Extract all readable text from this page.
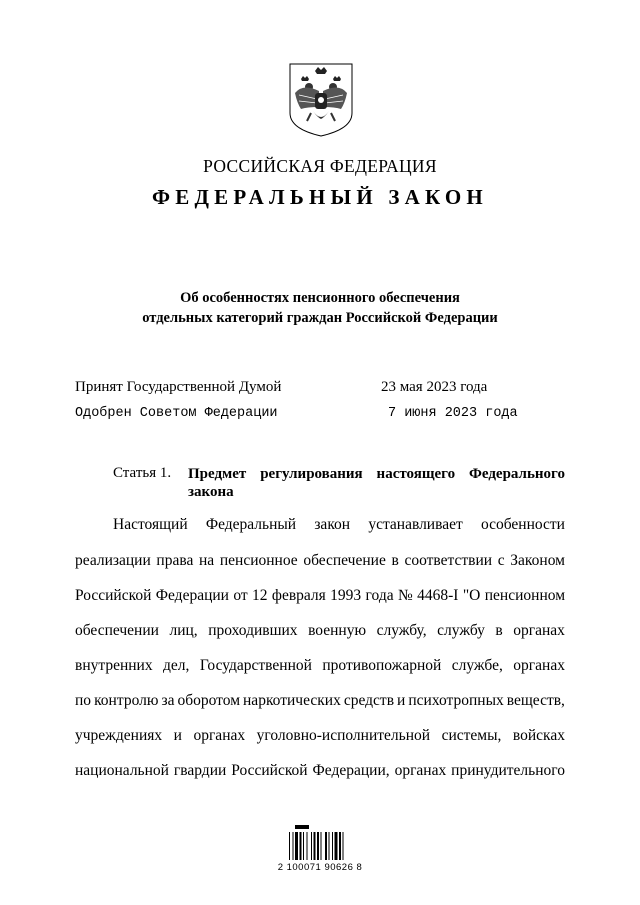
РОССИЙСКАЯ ФЕДЕРАЦИЯ
ФЕДЕРАЛЬНЫЙ ЗАКОН
Об особенностях пенсионного обеспечения
отдельных категорий граждан Российской Федерации
Принят Государственной Думой	23 мая 2023 года
Одобрен Советом Федерации	7 июня 2023 года
Статья 1. Предмет регулирования настоящего Федерального закона
Настоящий Федеральный закон устанавливает особенности
реализации права на пенсионное обеспечение в соответствии с Законом
Российской Федерации от 12 февраля 1993 года № 4468-I "О пенсионном
обеспечении лиц, проходивших военную службу, службу в органах
внутренних дел, Государственной противопожарной службе, органах
по контролю за оборотом наркотических средств и психотропных веществ,
учреждениях и органах уголовно-исполнительной системы, войсках
национальной гвардии Российской Федерации, органах принудительного
2 100071 90626 8
